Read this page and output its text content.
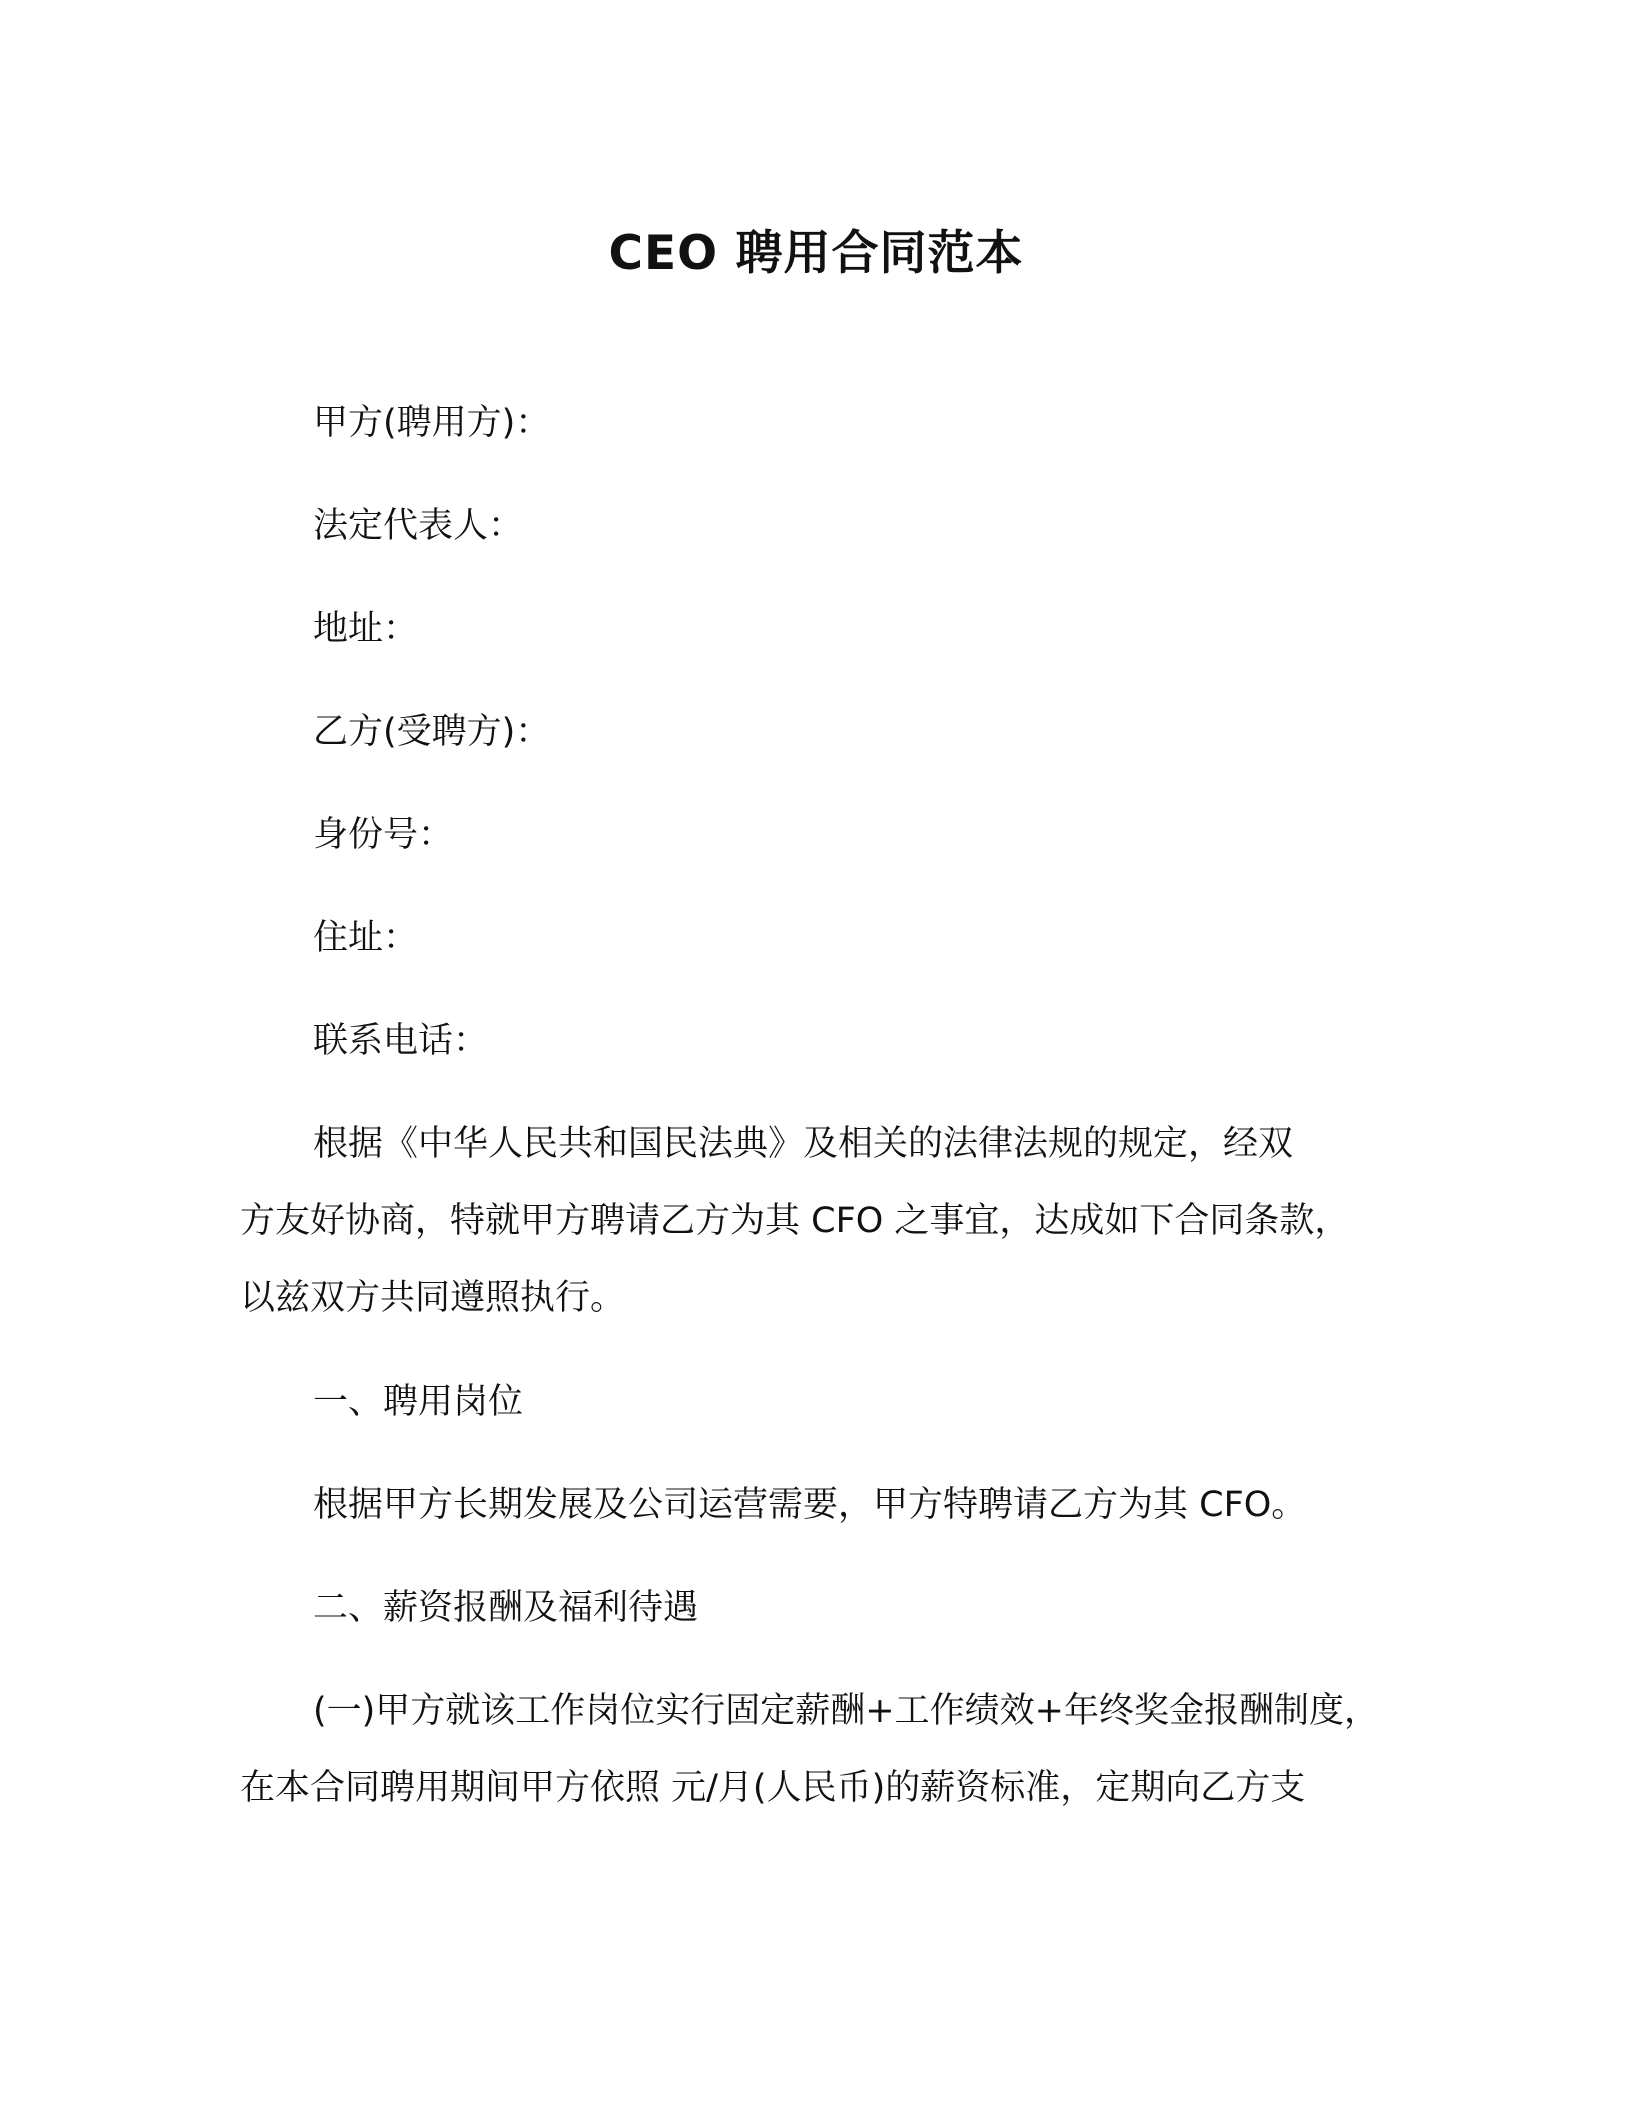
CEO 聘用合同范本
甲方(聘用方)：
法定代表人：
地址：
乙方(受聘方)：
身份号：
住址：
联系电话：
根据《中华人民共和国民法典》及相关的法律法规的规定，经双
方友好协商，特就甲方聘请乙方为其 CFO 之事宜，达成如下合同条款，
以兹双方共同遵照执行。
一、聘用岗位
根据甲方长期发展及公司运营需要，甲方特聘请乙方为其 CFO。
二、薪资报酬及福利待遇
(一)甲方就该工作岗位实行固定薪酬+工作绩效+年终奖金报酬制度，
在本合同聘用期间甲方依照 元/月(人民币)的薪资标准，定期向乙方支
